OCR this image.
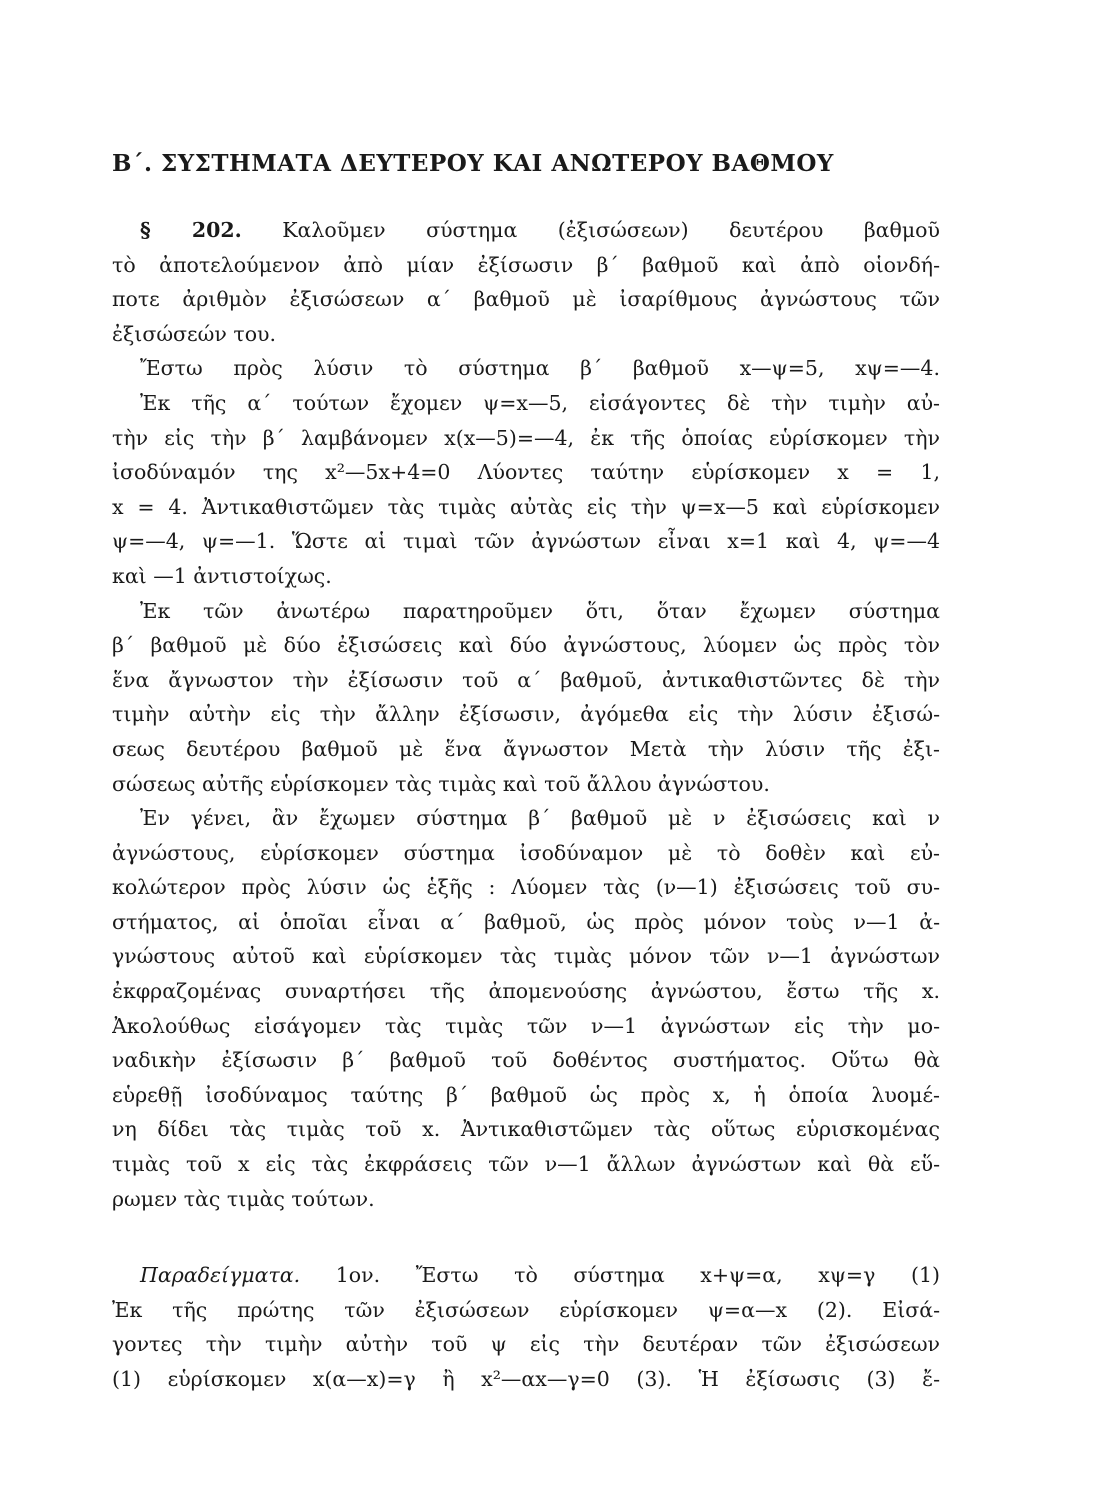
Β΄. ΣΥΣΤΗΜΑΤΑ ΔΕΥΤΕΡΟΥ ΚΑΙ ΑΝΩΤΕΡΟΥ ΒΑΘΜΟΥ
§ 202. Καλοῦμεν σύστημα (ἐξισώσεων) δευτέρου βαθμοῦ
τὸ ἀποτελούμενον ἀπὸ μίαν ἐξίσωσιν β΄ βαθμοῦ καὶ ἀπὸ οἱονδή-
ποτε ἀριθμὸν ἐξισώσεων α΄ βαθμοῦ μὲ ἰσαρίθμους ἀγνώστους τῶν
ἐξισώσεών του.
Ἔστω πρὸς λύσιν τὸ σύστημα β΄ βαθμοῦ x—ψ=5, xψ=—4.
Ἐκ τῆς α΄ τούτων ἔχομεν ψ=x—5, εἰσάγοντες δὲ τὴν τιμὴν αὐ-
τὴν εἰς τὴν β΄ λαμβάνομεν x(x—5)=—4, ἐκ τῆς ὁποίας εὑρίσκομεν τὴν
ἰσοδύναμόν της x²—5x+4=0 Λύοντες ταύτην εὑρίσκομεν x = 1,
x = 4. Ἀντικαθιστῶμεν τὰς τιμὰς αὐτὰς εἰς τὴν ψ=x—5 καὶ εὑρίσκομεν
ψ=—4, ψ=—1. Ὥστε αἱ τιμαὶ τῶν ἀγνώστων εἶναι x=1 καὶ 4, ψ=—4
καὶ —1 ἀντιστοίχως.
Ἐκ τῶν ἀνωτέρω παρατηροῦμεν ὅτι, ὅταν ἔχωμεν σύστημα
β΄ βαθμοῦ μὲ δύο ἐξισώσεις καὶ δύο ἀγνώστους, λύομεν ὡς πρὸς τὸν
ἕνα ἄγνωστον τὴν ἐξίσωσιν τοῦ α΄ βαθμοῦ, ἀντικαθιστῶντες δὲ τὴν
τιμὴν αὐτὴν εἰς τὴν ἄλλην ἐξίσωσιν, ἀγόμεθα εἰς τὴν λύσιν ἐξισώ-
σεως δευτέρου βαθμοῦ μὲ ἕνα ἄγνωστον Μετὰ τὴν λύσιν τῆς ἐξι-
σώσεως αὐτῆς εὑρίσκομεν τὰς τιμὰς καὶ τοῦ ἄλλου ἀγνώστου.
Ἐν γένει, ἂν ἔχωμεν σύστημα β΄ βαθμοῦ μὲ ν ἐξισώσεις καὶ ν
ἀγνώστους, εὑρίσκομεν σύστημα ἰσοδύναμον μὲ τὸ δοθὲν καὶ εὐ-
κολώτερον πρὸς λύσιν ὡς ἑξῆς : Λύομεν τὰς (ν—1) ἐξισώσεις τοῦ συ-
στήματος, αἱ ὁποῖαι εἶναι α΄ βαθμοῦ, ὡς πρὸς μόνον τοὺς ν—1 ἀ-
γνώστους αὐτοῦ καὶ εὑρίσκομεν τὰς τιμὰς μόνον τῶν ν—1 ἀγνώστων
ἐκφραζομένας συναρτήσει τῆς ἀπομενούσης ἀγνώστου, ἔστω τῆς x.
Ἀκολούθως εἰσάγομεν τὰς τιμὰς τῶν ν—1 ἀγνώστων εἰς τὴν μο-
ναδικὴν ἐξίσωσιν β΄ βαθμοῦ τοῦ δοθέντος συστήματος. Οὕτω θὰ
εὑρεθῇ ἰσοδύναμος ταύτης β΄ βαθμοῦ ὡς πρὸς x, ἡ ὁποία λυομέ-
νη δίδει τὰς τιμὰς τοῦ x. Ἀντικαθιστῶμεν τὰς οὕτως εὑρισκομένας
τιμὰς τοῦ x εἰς τὰς ἐκφράσεις τῶν ν—1 ἄλλων ἀγνώστων καὶ θὰ εὕ-
ρωμεν τὰς τιμὰς τούτων.
Παραδείγματα. 1ον. Ἔστω τὸ σύστημα x+ψ=α, xψ=γ (1)
Ἐκ τῆς πρώτης τῶν ἐξισώσεων εὑρίσκομεν ψ=α—x (2). Εἰσά-
γοντες τὴν τιμὴν αὐτὴν τοῦ ψ εἰς τὴν δευτέραν τῶν ἐξισώσεων
(1) εὑρίσκομεν x(α—x)=γ ἢ x²—αx—γ=0 (3). Ἡ ἐξίσωσις (3) ἔ-
